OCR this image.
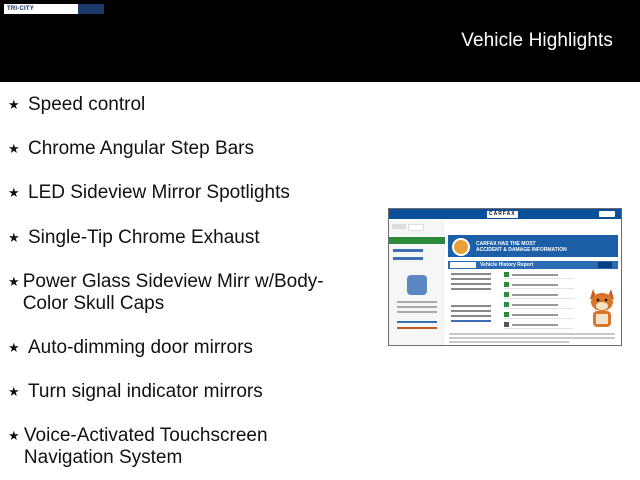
TRI-CITY
Vehicle Highlights
★ Speed control
★ Chrome Angular Step Bars
★ LED Sideview Mirror Spotlights
★ Single-Tip Chrome Exhaust
★ Power Glass Sideview Mirr w/Body-Color Skull Caps
★ Auto-dimming door mirrors
★ Turn signal indicator mirrors
★ Voice-Activated Touchscreen Navigation System
CARFAX
CARFAX HAS THE MOST
ACCIDENT & DAMAGE INFORMATION
Vehicle History Report
